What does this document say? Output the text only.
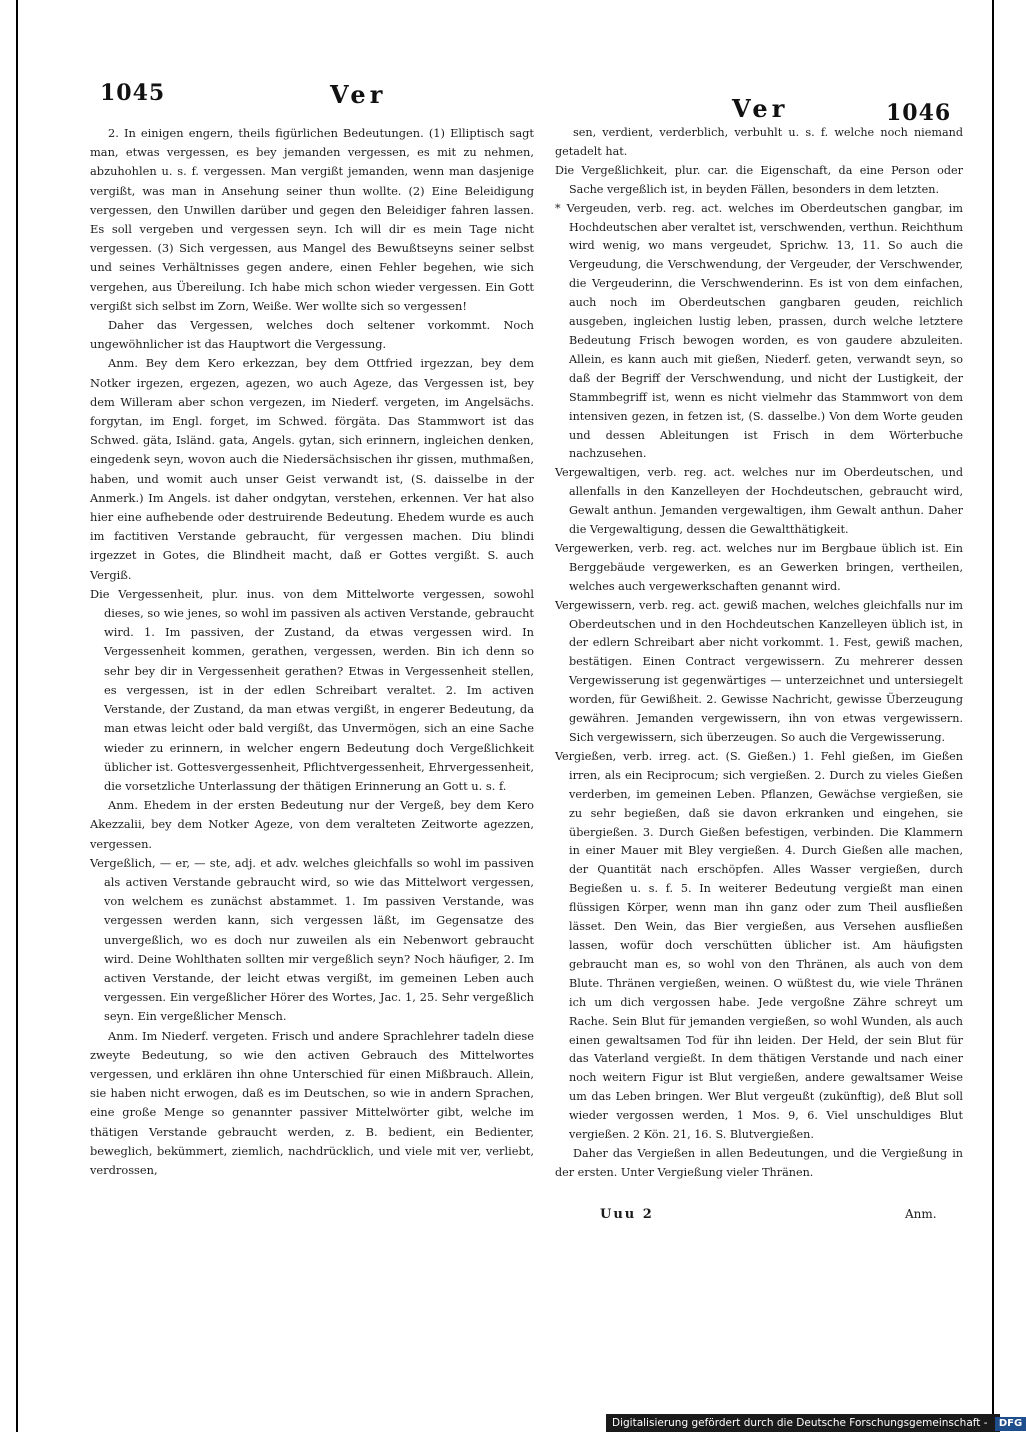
1045	Ver	Ver	1046

2. In einigen engern, theils figürlichen Bedeutungen. (1) Elliptisch sagt man, etwas vergessen, es bey jemanden vergessen, es mit zu nehmen, abzuhohlen u. s. f. vergessen. Man vergißt jemanden, wenn man dasjenige vergißt, was man in Ansehung seiner thun wollte. (2) Eine Beleidigung vergessen, den Unwillen darüber und gegen den Beleidiger fahren lassen. Es soll vergeben und vergessen seyn. Ich will dir es mein Tage nicht vergessen. (3) Sich vergessen, aus Mangel des Bewußtseyns seiner selbst und seines Verhältnisses gegen andere, einen Fehler begehen, wie sich vergehen, aus Übereilung. Ich habe mich schon wieder vergessen. Ein Gott vergißt sich selbst im Zorn, Weiße. Wer wollte sich so vergessen!

Daher das Vergessen, welches doch seltener vorkommt. Noch ungewöhnlicher ist das Hauptwort die Vergessung.

Anm. Bey dem Kero erkezzan, bey dem Ottfried irgezzan, bey dem Notker irgezen, ergezen, agezen, wo auch Ageze, das Vergessen ist, bey dem Willeram aber schon vergezen, im Niederf. vergeten, im Angelsächs. forgytan, im Engl. forget, im Schwed. förgäta. Das Stammwort ist das Schwed. gäta, Isländ. gata, Angels. gytan, sich erinnern, ingleichen denken, eingedenk seyn, wovon auch die Niedersächsischen ihr gissen, muthmaßen, haben, und womit auch unser Geist verwandt ist, (S. daisselbe in der Anmerk.) Im Angels. ist daher ondgytan, verstehen, erkennen. Ver hat also hier eine aufhebende oder destruirende Bedeutung. Ehedem wurde es auch im factitiven Verstande gebraucht, für vergessen machen. Diu blindi irgezzet in Gotes, die Blindheit macht, daß er Gottes vergißt. S. auch Vergiß.

Die Vergessenheit, plur. inus. von dem Mittelworte vergessen, sowohl dieses, so wie jenes, so wohl im passiven als activen Verstande, gebraucht wird. 1. Im passiven, der Zustand, da etwas vergessen wird. In Vergessenheit kommen, gerathen, vergessen, werden. Bin ich denn so sehr bey dir in Vergessenheit gerathen? Etwas in Vergessenheit stellen, es vergessen, ist in der edlen Schreibart veraltet. 2. Im activen Verstande, der Zustand, da man etwas vergißt, in engerer Bedeutung, da man etwas leicht oder bald vergißt, das Unvermögen, sich an eine Sache wieder zu erinnern, in welcher engern Bedeutung doch Vergeßlichkeit üblicher ist. Gottesvergessenheit, Pflichtvergessenheit, Ehrvergessenheit, die vorsetzliche Unterlassung der thätigen Erinnerung an Gott u. s. f.

Anm. Ehedem in der ersten Bedeutung nur der Vergeß, bey dem Kero Akezzalii, bey dem Notker Ageze, von dem veralteten Zeitworte agezzen, vergessen.

Vergeßlich, — er, — ste, adj. et adv. welches gleichfalls so wohl im passiven als activen Verstande gebraucht wird, so wie das Mittelwort vergessen, von welchem es zunächst abstammet. 1. Im passiven Verstande, was vergessen werden kann, sich vergessen läßt, im Gegensatze des unvergeßlich, wo es doch nur zuweilen als ein Nebenwort gebraucht wird. Deine Wohlthaten sollten mir vergeßlich seyn? Noch häufiger, 2. Im activen Verstande, der leicht etwas vergißt, im gemeinen Leben auch vergessen. Ein vergeßlicher Hörer des Wortes, Jac. 1, 25. Sehr vergeßlich seyn. Ein vergeßlicher Mensch.

Anm. Im Niederf. vergeten. Frisch und andere Sprachlehrer tadeln diese zweyte Bedeutung, so wie den activen Gebrauch des Mittelwortes vergessen, und erklären ihn ohne Unterschied für einen Mißbrauch. Allein, sie haben nicht erwogen, daß es im Deutschen, so wie in andern Sprachen, eine große Menge so genannter passiver Mittelwörter gibt, welche im thätigen Verstande gebraucht werden, z. B. bedient, ein Bedienter, beweglich, bekümmert, ziemlich, nachdrücklich, und viele mit ver, verliebt, verdrossen,

sen, verdient, verderblich, verbuhlt u. s. f. welche noch niemand getadelt hat.

Die Vergeßlichkeit, plur. car. die Eigenschaft, da eine Person oder Sache vergeßlich ist, in beyden Fällen, besonders in dem letzten.

* Vergeuden, verb. reg. act. welches im Oberdeutschen gangbar, im Hochdeutschen aber veraltet ist, verschwenden, verthun. Reichthum wird wenig, wo mans vergeudet, Sprichw. 13, 11. So auch die Vergeudung, die Verschwendung, der Vergeuder, der Verschwender, die Vergeuderinn, die Verschwenderinn. Es ist von dem einfachen, auch noch im Oberdeutschen gangbaren geuden, reichlich ausgeben, ingleichen lustig leben, prassen, durch welche letztere Bedeutung Frisch bewogen worden, es von gaudere abzuleiten. Allein, es kann auch mit gießen, Niederf. geten, verwandt seyn, so daß der Begriff der Verschwendung, und nicht der Lustigkeit, der Stammbegriff ist, wenn es nicht vielmehr das Stammwort von dem intensiven gezen, in fetzen ist, (S. dasselbe.) Von dem Worte geuden und dessen Ableitungen ist Frisch in dem Wörterbuche nachzusehen.

Vergewaltigen, verb. reg. act. welches nur im Oberdeutschen, und allenfalls in den Kanzelleyen der Hochdeutschen, gebraucht wird, Gewalt anthun. Jemanden vergewaltigen, ihm Gewalt anthun. Daher die Vergewaltigung, dessen die Gewaltthätigkeit.

Vergewerken, verb. reg. act. welches nur im Bergbaue üblich ist. Ein Berggebäude vergewerken, es an Gewerken bringen, vertheilen, welches auch vergewerkschaften genannt wird.

Vergewissern, verb. reg. act. gewiß machen, welches gleichfalls nur im Oberdeutschen und in den Hochdeutschen Kanzelleyen üblich ist, in der edlern Schreibart aber nicht vorkommt. 1. Fest, gewiß machen, bestätigen. Einen Contract vergewissern. Zu mehrerer dessen Vergewisserung ist gegenwärtiges — unterzeichnet und untersiegelt worden, für Gewißheit. 2. Gewisse Nachricht, gewisse Überzeugung gewähren. Jemanden vergewissern, ihn von etwas vergewissern. Sich vergewissern, sich überzeugen. So auch die Vergewisserung.

Vergießen, verb. irreg. act. (S. Gießen.) 1. Fehl gießen, im Gießen irren, als ein Reciprocum; sich vergießen. 2. Durch zu vieles Gießen verderben, im gemeinen Leben. Pflanzen, Gewächse vergießen, sie zu sehr begießen, daß sie davon erkranken und eingehen, sie übergießen. 3. Durch Gießen befestigen, verbinden. Die Klammern in einer Mauer mit Bley vergießen. 4. Durch Gießen alle machen, der Quantität nach erschöpfen. Alles Wasser vergießen, durch Begießen u. s. f. 5. In weiterer Bedeutung vergießt man einen flüssigen Körper, wenn man ihn ganz oder zum Theil ausfließen lässet. Den Wein, das Bier vergießen, aus Versehen ausfließen lassen, wofür doch verschütten üblicher ist. Am häufigsten gebraucht man es, so wohl von den Thränen, als auch von dem Blute. Thränen vergießen, weinen. O wüßtest du, wie viele Thränen ich um dich vergossen habe. Jede vergoßne Zähre schreyt um Rache. Sein Blut für jemanden vergießen, so wohl Wunden, als auch einen gewaltsamen Tod für ihn leiden. Der Held, der sein Blut für das Vaterland vergießt. In dem thätigen Verstande und nach einer noch weitern Figur ist Blut vergießen, andere gewaltsamer Weise um das Leben bringen. Wer Blut vergeußt (zukünftig), deß Blut soll wieder vergossen werden, 1 Mos. 9, 6. Viel unschuldiges Blut vergießen. 2 Kön. 21, 16. S. Blutvergießen.

Daher das Vergießen in allen Bedeutungen, und die Vergießung in der ersten. Unter Vergießung vieler Thränen.

Uuu 2	Anm.
Digitalisierung gefördert durch die Deutsche Forschungsgemeinschaft - DFG
